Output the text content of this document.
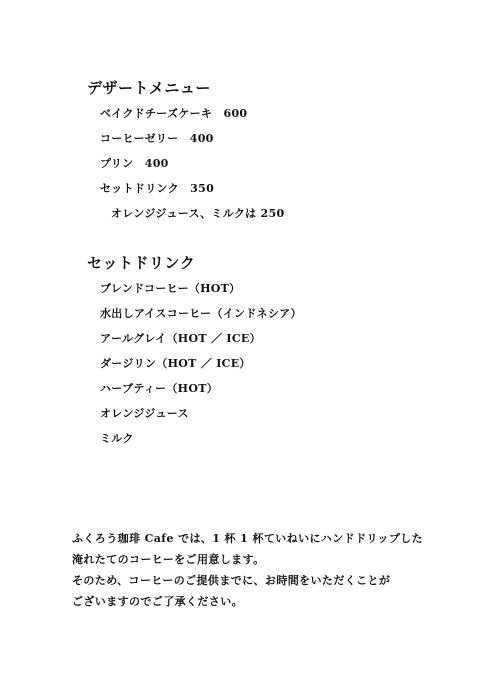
デザートメニュー
ベイクドチーズケーキ　600
コーヒーゼリー　400
プリン　400
セットドリンク　350
オレンジジュース、ミルクは 250
セットドリンク
ブレンドコーヒー（HOT）
水出しアイスコーヒー（インドネシア）
アールグレイ（HOT ／ ICE）
ダージリン（HOT ／ ICE）
ハーブティー（HOT）
オレンジジュース
ミルク
ふくろう珈琲 Cafe では、1 杯 1 杯ていねいにハンドドリップした
淹れたてのコーヒーをご用意します。
そのため、コーヒーのご提供までに、お時間をいただくことが
ございますのでご了承ください。
